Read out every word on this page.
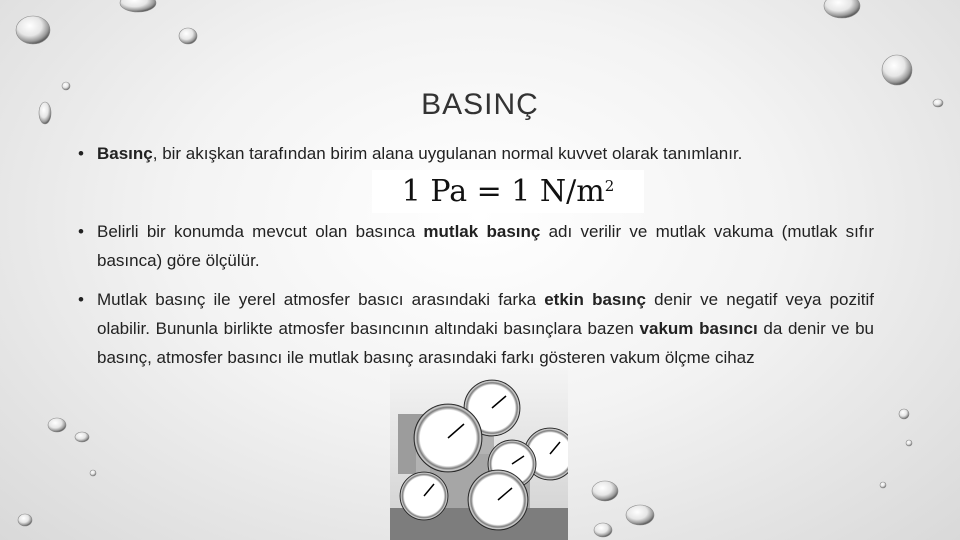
BASINÇ
• Basınç, bir akışkan tarafından birim alana uygulanan normal kuvvet olarak tanımlanır.
1 Pa = 1 $N/m^2$
• Belirli bir konumda mevcut olan basınca mutlak basınç adı verilir ve mutlak vakuma (mutlak sıfır basınca) göre ölçülür.
• Mutlak basınç ile yerel atmosfer basıcı arasındaki farka etkin basınç denir ve negatif veya pozitif olabilir. Bununla birlikte atmosfer basıncının altındaki basınçlara bazen vakum basıncı da denir ve bu basınç, atmosfer basıncı ile mutlak basınç arasındaki farkı gösteren vakum ölçme cihaz
